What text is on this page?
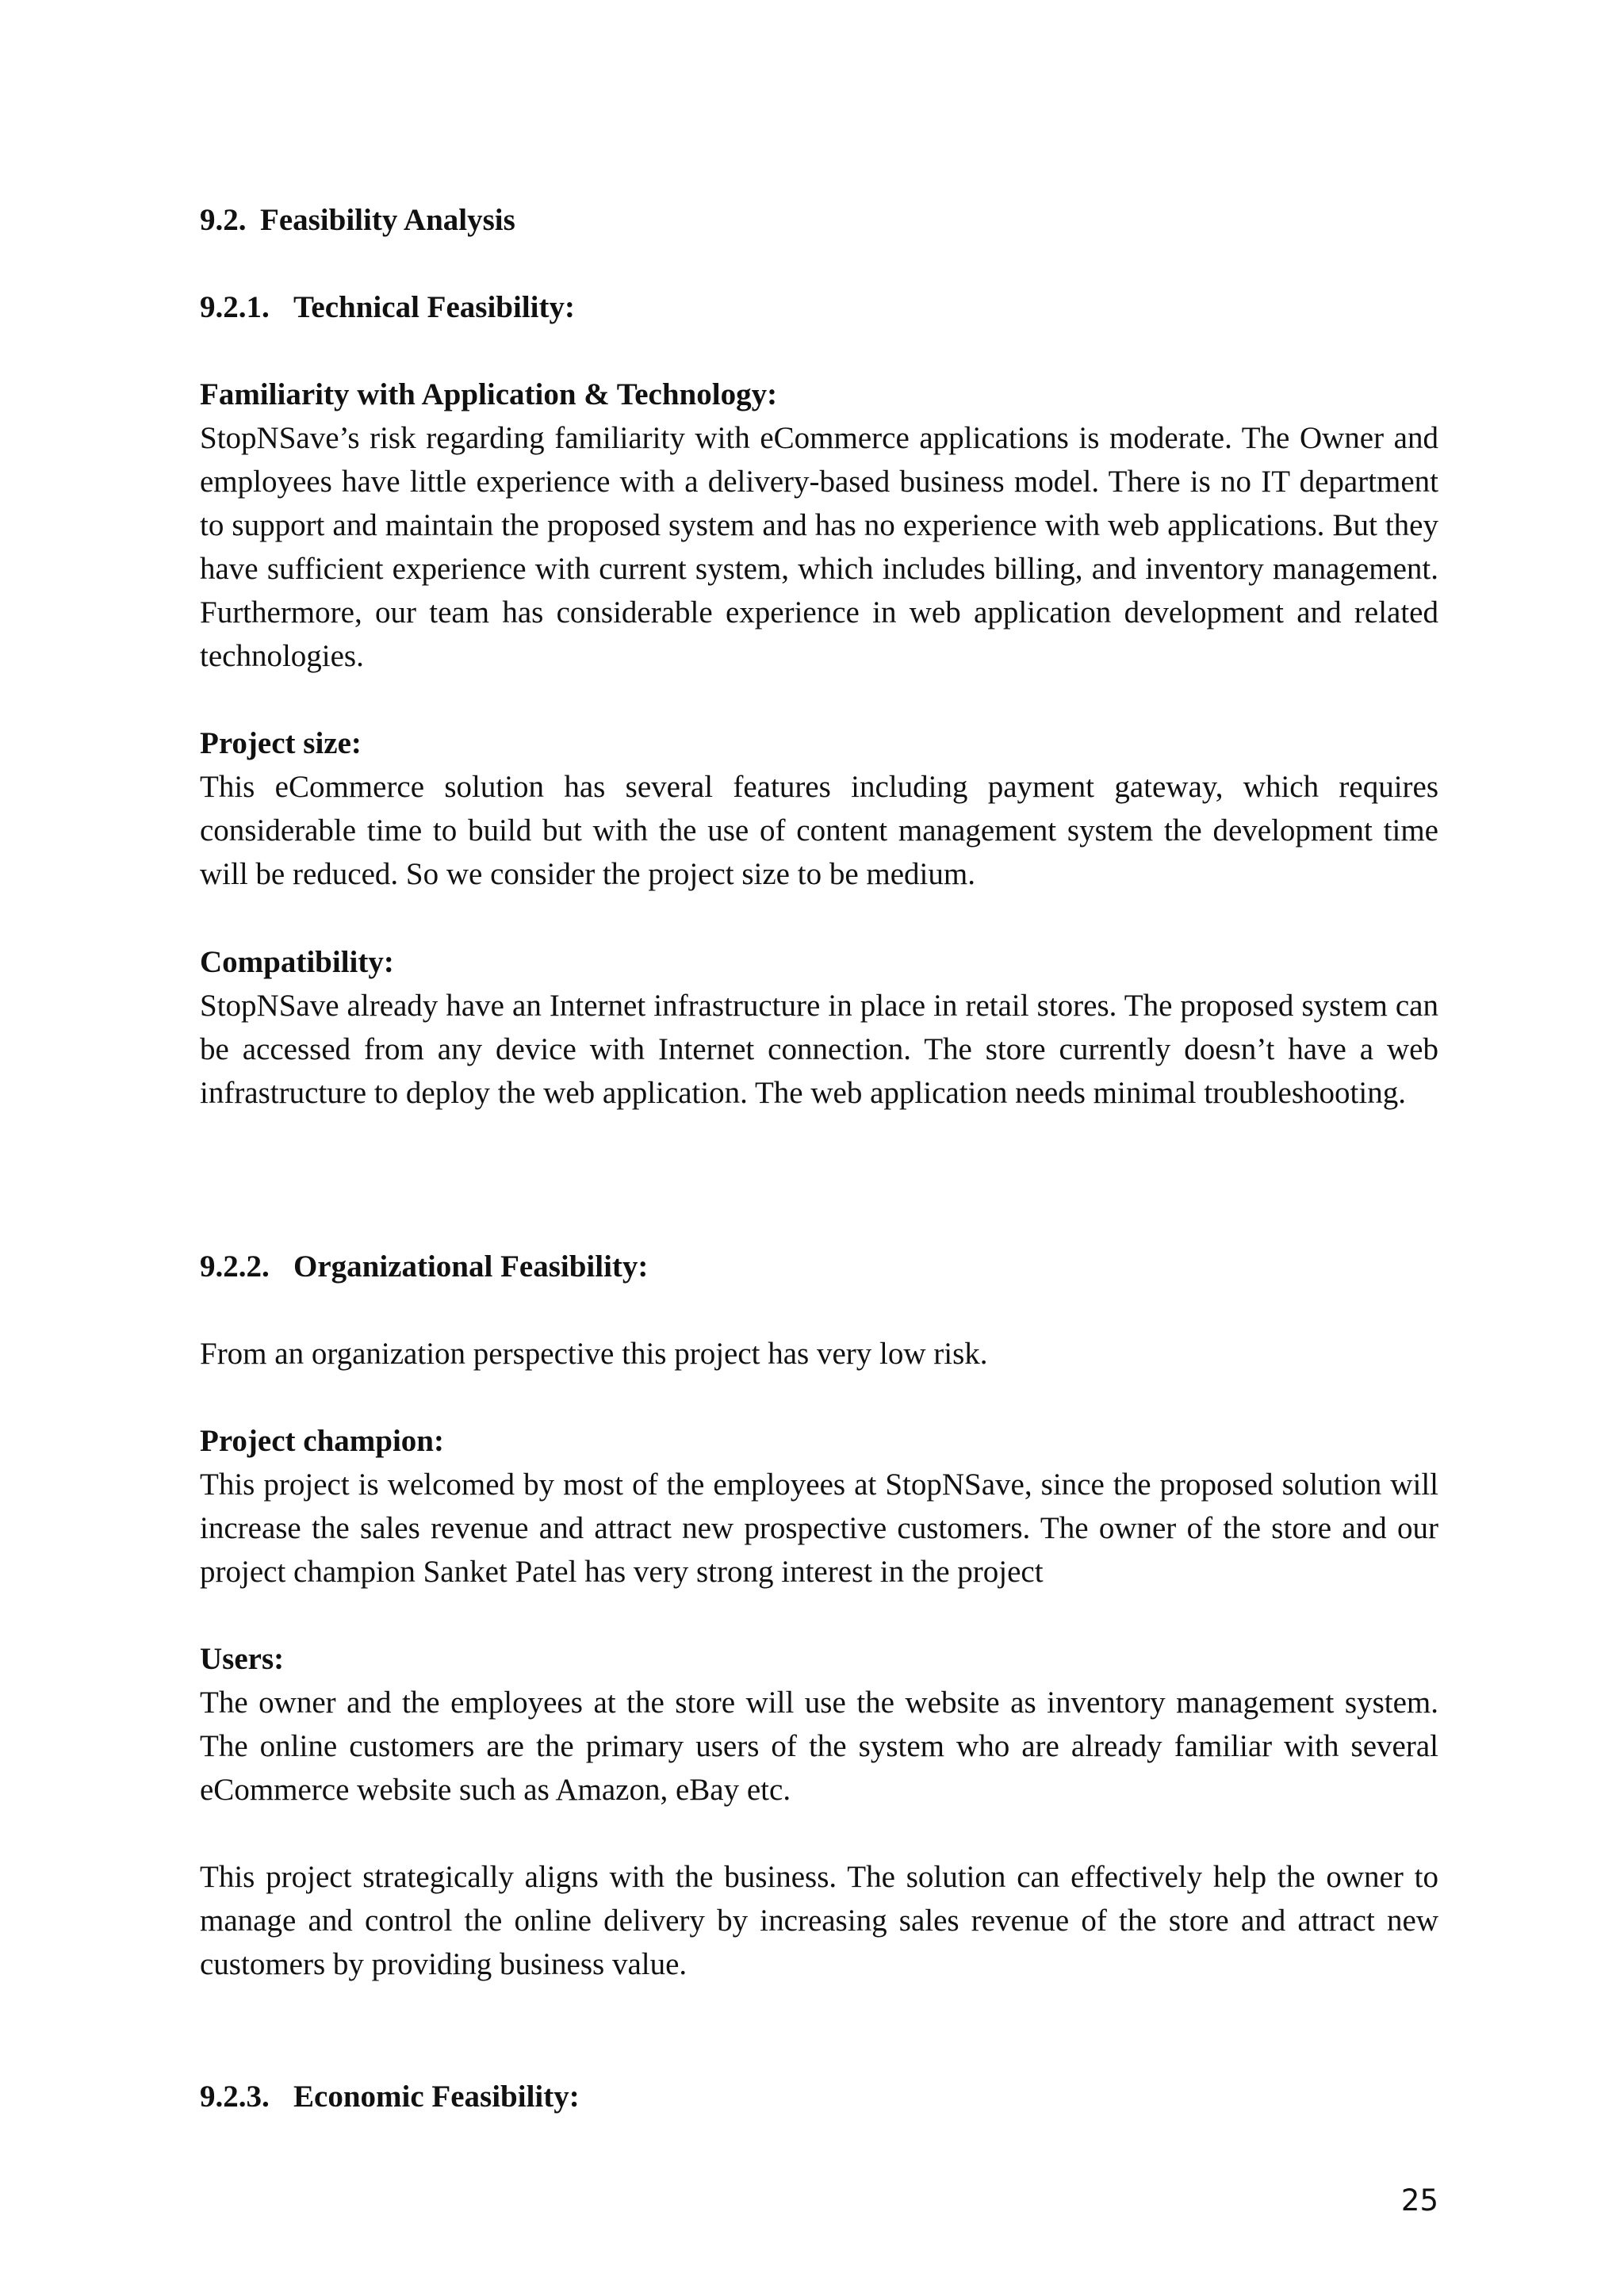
9.2. Feasibility Analysis
9.2.1. Technical Feasibility:
Familiarity with Application & Technology:
StopNSave’s risk regarding familiarity with eCommerce applications is moderate. The Owner and employees have little experience with a delivery-based business model. There is no IT department to support and maintain the proposed system and has no experience with web applications. But they have sufficient experience with current system, which includes billing, and inventory management. Furthermore, our team has considerable experience in web application development and related technologies.
Project size:
This eCommerce solution has several features including payment gateway, which requires considerable time to build but with the use of content management system the development time will be reduced. So we consider the project size to be medium.
Compatibility:
StopNSave already have an Internet infrastructure in place in retail stores. The proposed system can be accessed from any device with Internet connection. The store currently doesn’t have a web infrastructure to deploy the web application. The web application needs minimal troubleshooting.
9.2.2. Organizational Feasibility:
From an organization perspective this project has very low risk.
Project champion:
This project is welcomed by most of the employees at StopNSave, since the proposed solution will increase the sales revenue and attract new prospective customers. The owner of the store and our project champion Sanket Patel has very strong interest in the project
Users:
The owner and the employees at the store will use the website as inventory management system. The online customers are the primary users of the system who are already familiar with several eCommerce website such as Amazon, eBay etc.
This project strategically aligns with the business. The solution can effectively help the owner to manage and control the online delivery by increasing sales revenue of the store and attract new customers by providing business value.
9.2.3. Economic Feasibility:
25
